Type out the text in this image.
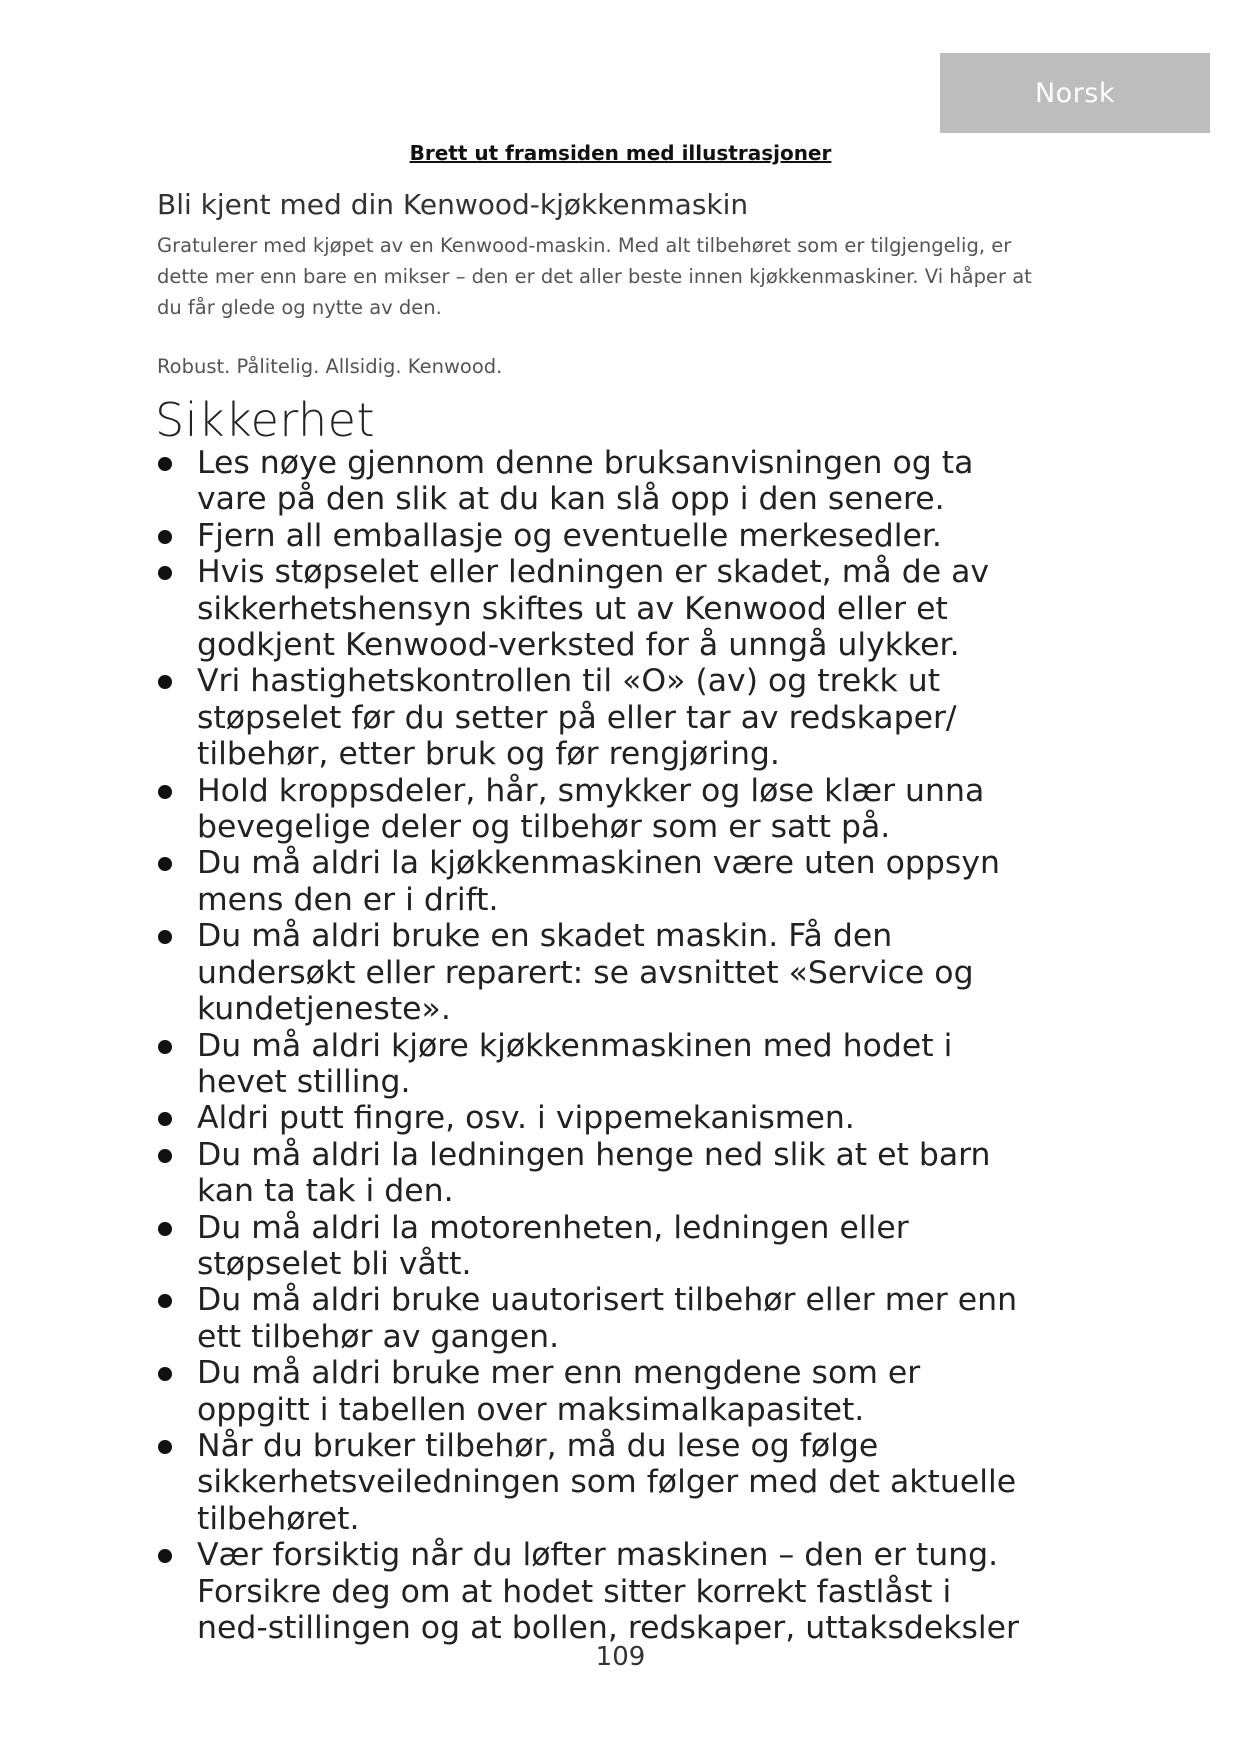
Norsk
Brett ut framsiden med illustrasjoner
Bli kjent med din Kenwood-kjøkkenmaskin
Gratulerer med kjøpet av en Kenwood-maskin. Med alt tilbehøret som er tilgjengelig, er
dette mer enn bare en mikser – den er det aller beste innen kjøkkenmaskiner. Vi håper at
du får glede og nytte av den.
Robust. Pålitelig. Allsidig. Kenwood.
Sikkerhet
Les nøye gjennom denne bruksanvisningen og ta
vare på den slik at du kan slå opp i den senere.
Fjern all emballasje og eventuelle merkesedler.
Hvis støpselet eller ledningen er skadet, må de av
sikkerhetshensyn skiftes ut av Kenwood eller et
godkjent Kenwood-verksted for å unngå ulykker.
Vri hastighetskontrollen til «O» (av) og trekk ut
støpselet før du setter på eller tar av redskaper/
tilbehør, etter bruk og før rengjøring.
Hold kroppsdeler, hår, smykker og løse klær unna
bevegelige deler og tilbehør som er satt på.
Du må aldri la kjøkkenmaskinen være uten oppsyn
mens den er i drift.
Du må aldri bruke en skadet maskin. Få den
undersøkt eller reparert: se avsnittet «Service og
kundetjeneste».
Du må aldri kjøre kjøkkenmaskinen med hodet i
hevet stilling.
Aldri putt fingre, osv. i vippemekanismen.
Du må aldri la ledningen henge ned slik at et barn
kan ta tak i den.
Du må aldri la motorenheten, ledningen eller
støpselet bli vått.
Du må aldri bruke uautorisert tilbehør eller mer enn
ett tilbehør av gangen.
Du må aldri bruke mer enn mengdene som er
oppgitt i tabellen over maksimalkapasitet.
Når du bruker tilbehør, må du lese og følge
sikkerhetsveiledningen som følger med det aktuelle
tilbehøret.
Vær forsiktig når du løfter maskinen – den er tung.
Forsikre deg om at hodet sitter korrekt fastlåst i
ned-stillingen og at bollen, redskaper, uttaksdeksler
109
